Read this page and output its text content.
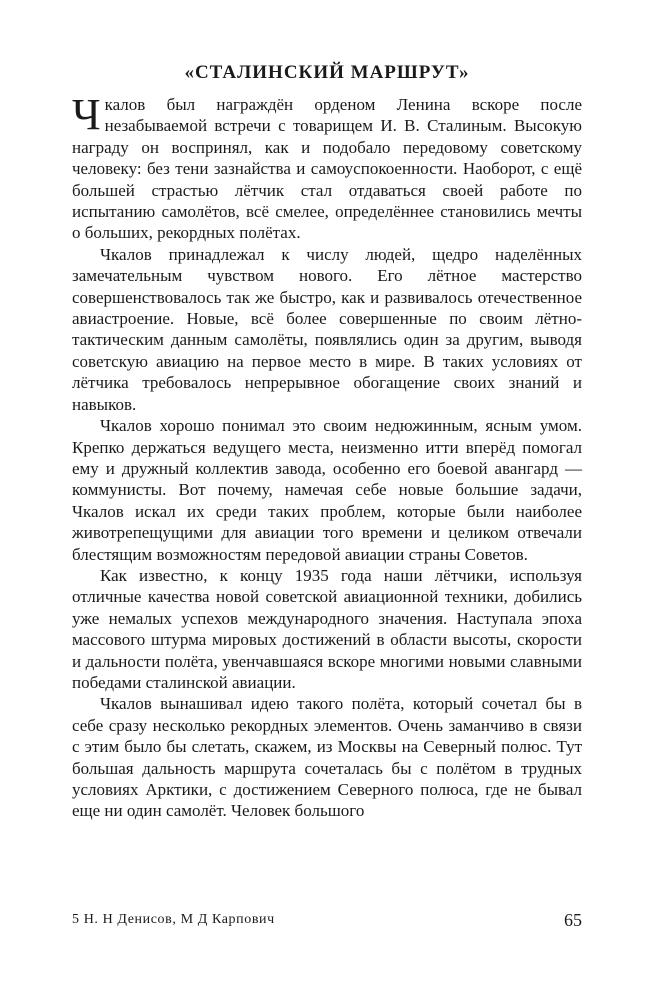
«СТАЛИНСКИЙ МАРШРУТ»

Чкалов был награждён орденом Ленина вскоре после незабываемой встречи с товарищем И. В. Сталиным. Высокую награду он воспринял, как и подобало передовому советскому человеку: без тени зазнайства и самоуспокоенности. Наоборот, с ещё большей страстью лётчик стал отдаваться своей работе по испытанию самолётов, всё смелее, определённее становились мечты о больших, рекордных полётах.

Чкалов принадлежал к числу людей, щедро наделённых замечательным чувством нового. Его лётное мастерство совершенствовалось так же быстро, как и развивалось отечественное авиастроение. Новые, всё более совершенные по своим лётно-тактическим данным самолёты, появлялись один за другим, выводя советскую авиацию на первое место в мире. В таких условиях от лётчика требовалось непрерывное обогащение своих знаний и навыков.

Чкалов хорошо понимал это своим недюжинным, ясным умом. Крепко держаться ведущего места, неизменно итти вперёд помогал ему и дружный коллектив завода, особенно его боевой авангард — коммунисты. Вот почему, намечая себе новые большие задачи, Чкалов искал их среди таких проблем, которые были наиболее животрепещущими для авиации того времени и целиком отвечали блестящим возможностям передовой авиации страны Советов.

Как известно, к концу 1935 года наши лётчики, используя отличные качества новой советской авиационной техники, добились уже немалых успехов международного значения. Наступала эпоха массового штурма мировых достижений в области высоты, скорости и дальности полёта, увенчавшаяся вскоре многими новыми славными победами сталинской авиации.

Чкалов вынашивал идею такого полёта, который сочетал бы в себе сразу несколько рекордных элементов. Очень заманчиво в связи с этим было бы слетать, скажем, из Москвы на Северный полюс. Тут большая дальность маршрута сочеталась бы с полётом в трудных условиях Арктики, с достижением Северного полюса, где не бывал еще ни один самолёт. Человек большого

5 Н. Н Денисов, М Д Карпович	65
